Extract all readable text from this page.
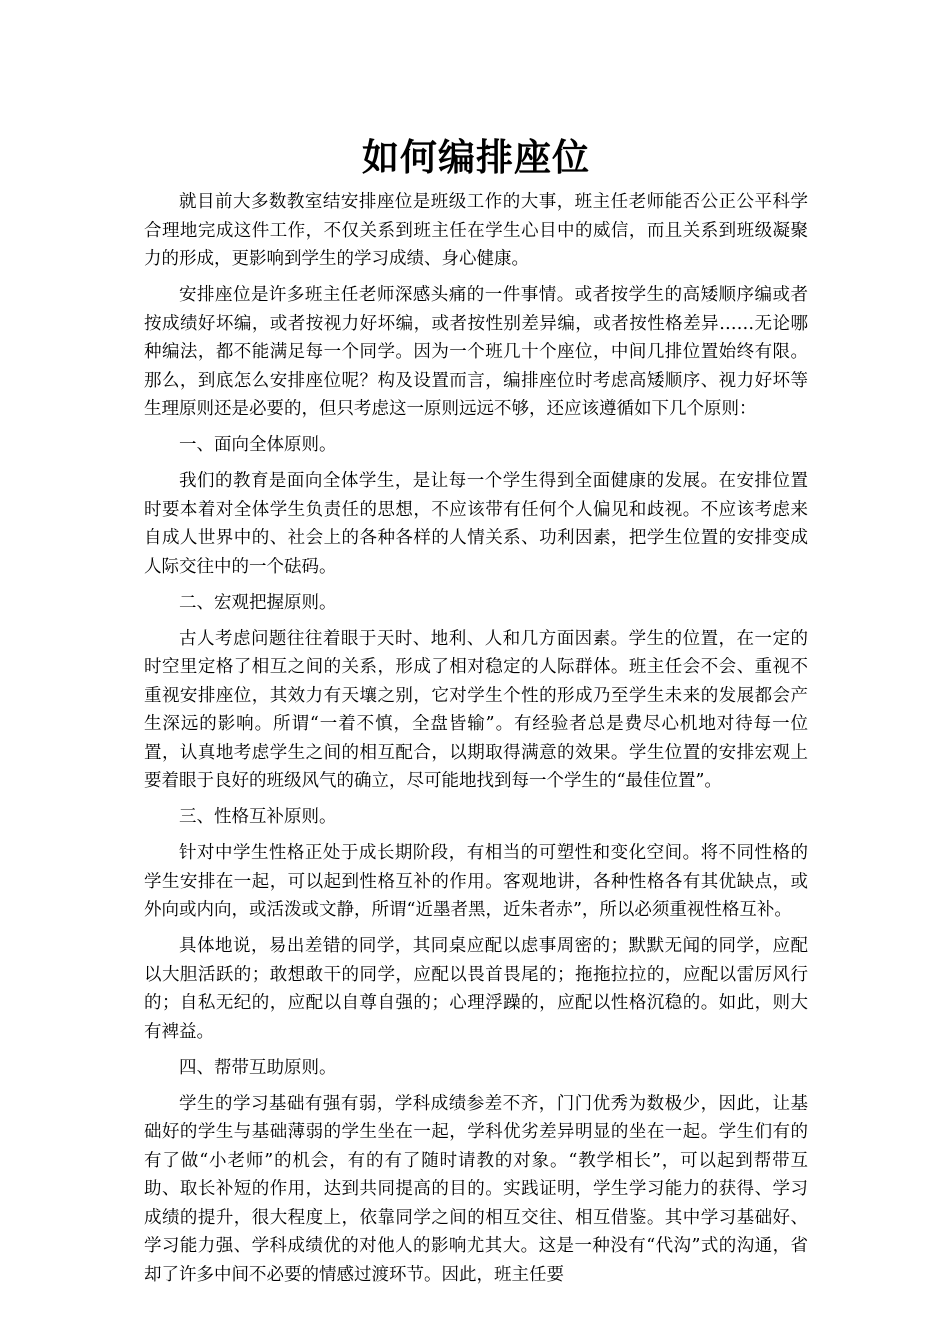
如何编排座位

就目前大多数教室结安排座位是班级工作的大事，班主任老师能否公正公平科学合理地完成这件工作，不仅关系到班主任在学生心目中的威信，而且关系到班级凝聚力的形成，更影响到学生的学习成绩、身心健康。

安排座位是许多班主任老师深感头痛的一件事情。或者按学生的高矮顺序编或者按成绩好坏编，或者按视力好坏编，或者按性别差异编，或者按性格差异……无论哪种编法，都不能满足每一个同学。因为一个班几十个座位，中间几排位置始终有限。那么，到底怎么安排座位呢？构及设置而言，编排座位时考虑高矮顺序、视力好坏等生理原则还是必要的，但只考虑这一原则远远不够，还应该遵循如下几个原则：

一、面向全体原则。

我们的教育是面向全体学生，是让每一个学生得到全面健康的发展。在安排位置时要本着对全体学生负责任的思想，不应该带有任何个人偏见和歧视。不应该考虑来自成人世界中的、社会上的各种各样的人情关系、功利因素，把学生位置的安排变成人际交往中的一个砝码。

二、宏观把握原则。

古人考虑问题往往着眼于天时、地利、人和几方面因素。学生的位置，在一定的时空里定格了相互之间的关系，形成了相对稳定的人际群体。班主任会不会、重视不重视安排座位，其效力有天壤之别，它对学生个性的形成乃至学生未来的发展都会产生深远的影响。所谓“一着不慎，全盘皆输”。有经验者总是费尽心机地对待每一位置，认真地考虑学生之间的相互配合，以期取得满意的效果。学生位置的安排宏观上要着眼于良好的班级风气的确立，尽可能地找到每一个学生的“最佳位置”。

三、性格互补原则。

针对中学生性格正处于成长期阶段，有相当的可塑性和变化空间。将不同性格的学生安排在一起，可以起到性格互补的作用。客观地讲，各种性格各有其优缺点，或外向或内向，或活泼或文静，所谓“近墨者黑，近朱者赤”，所以必须重视性格互补。

具体地说，易出差错的同学，其同桌应配以虑事周密的；默默无闻的同学，应配以大胆活跃的；敢想敢干的同学，应配以畏首畏尾的；拖拖拉拉的，应配以雷厉风行的；自私无纪的，应配以自尊自强的；心理浮躁的，应配以性格沉稳的。如此，则大有裨益。

四、帮带互助原则。

学生的学习基础有强有弱，学科成绩参差不齐，门门优秀为数极少，因此，让基础好的学生与基础薄弱的学生坐在一起，学科优劣差异明显的坐在一起。学生们有的有了做“小老师”的机会，有的有了随时请教的对象。“教学相长”，可以起到帮带互助、取长补短的作用，达到共同提高的目的。实践证明，学生学习能力的获得、学习成绩的提升，很大程度上，依靠同学之间的相互交往、相互借鉴。其中学习基础好、学习能力强、学科成绩优的对他人的影响尤其大。这是一种没有“代沟”式的沟通，省却了许多中间不必要的情感过渡环节。因此，班主任要
